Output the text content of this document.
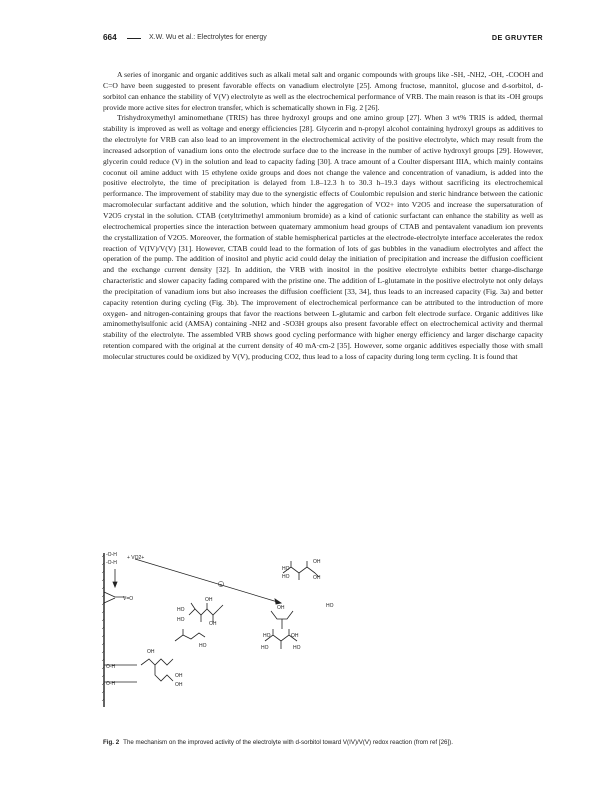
664	X.W. Wu et al.: Electrolytes for energy	DE GRUYTER

A series of inorganic and organic additives such as alkali metal salt and organic compounds with groups like -SH, -NH2, -OH, -COOH and C=O have been suggested to present favorable effects on vanadium electrolyte [25]. Among fructose, mannitol, glucose and d-sorbitol, d-sorbitol can enhance the stability of V(V) electrolyte as well as the electrochemical performance of VRB. The main reason is that its -OH groups provide more active sites for electron transfer, which is schematically shown in Fig. 2 [26].

Trishydroxymethyl aminomethane (TRIS) has three hydroxyl groups and one amino group [27]. When 3 wt% TRIS is added, thermal stability is improved as well as voltage and energy efficiencies [28]. Glycerin and n-propyl alcohol containing hydroxyl groups as additives to the electrolyte for VRB can also lead to an improvement in the electrochemical activity of the positive electrolyte, which may result from the increased adsorption of vanadium ions onto the electrode surface due to the increase in the number of active hydroxyl groups [29]. However, glycerin could reduce (V) in the solution and lead to capacity fading [30]. A trace amount of a Coulter dispersant IIIA, which mainly contains coconut oil amine adduct with 15 ethylene oxide groups and does not change the valence and concentration of vanadium, is added into the positive electrolyte, the time of precipitation is delayed from 1.8–12.3 h to 30.3 h–19.3 days without sacrificing its electrochemical performance. The improvement of stability may due to the synergistic effects of Coulombic repulsion and steric hindrance between the cationic macromolecular surfactant additive and the solution, which hinder the aggregation of VO2+ into V2O5 and increase the supersaturation of V2O5 crystal in the solution. CTAB (cetyltrimethyl ammonium bromide) as a kind of cationic surfactant can enhance the stability as well as electrochemical properties since the interaction between quaternary ammonium head groups of CTAB and pentavalent vanadium ion prevents the crystallization of V2O5. Moreover, the formation of stable hemispherical particles at the electrode-electrolyte interface accelerates the redox reaction of V(IV)/V(V) [31]. However, CTAB could lead to the formation of lots of gas bubbles in the vanadium electrolytes and affect the operation of the pump. The addition of inositol and phytic acid could delay the initiation of precipitation and increase the diffusion coefficient and the exchange current density [32]. In addition, the VRB with inositol in the positive electrolyte exhibits better charge-discharge characteristic and slower capacity fading compared with the pristine one. The addition of L-glutamate in the positive electrolyte not only delays the precipitation of vanadium ions but also increases the diffusion coefficient [33, 34], thus leads to an increased capacity (Fig. 3a) and better capacity retention during cycling (Fig. 3b). The improvement of electrochemical performance can be attributed to the introduction of more oxygen- and nitrogen-containing groups that favor the reactions between L-glutamic and carbon felt electrode surface. Organic additives like aminomethylsulfonic acid (AMSA) containing -NH2 and -SO3H groups also present favorable effect on electrochemical activity and thermal stability of the electrolyte. The assembled VRB shows good cycling performance with higher energy efficiency and larger discharge capacity retention compared with the original at the current density of 40 mA·cm-2 [35]. However, some organic additives especially those with small molecular structures could be oxidized by V(V), producing CO2, thus lead to a loss of capacity during long term cycling. It is found that

-O-H
-O-H
+ VO2+
V=O
O-H
O-H
HO
OH
HO
OH
OH
OH
OH
HO
HO
HO
OH
OH
HO
OH
HO	OH
HO	HO
a
Fig. 2 The mechanism on the improved activity of the electrolyte with d-sorbitol toward V(IV)/V(V) redox reaction (from ref [26]).
